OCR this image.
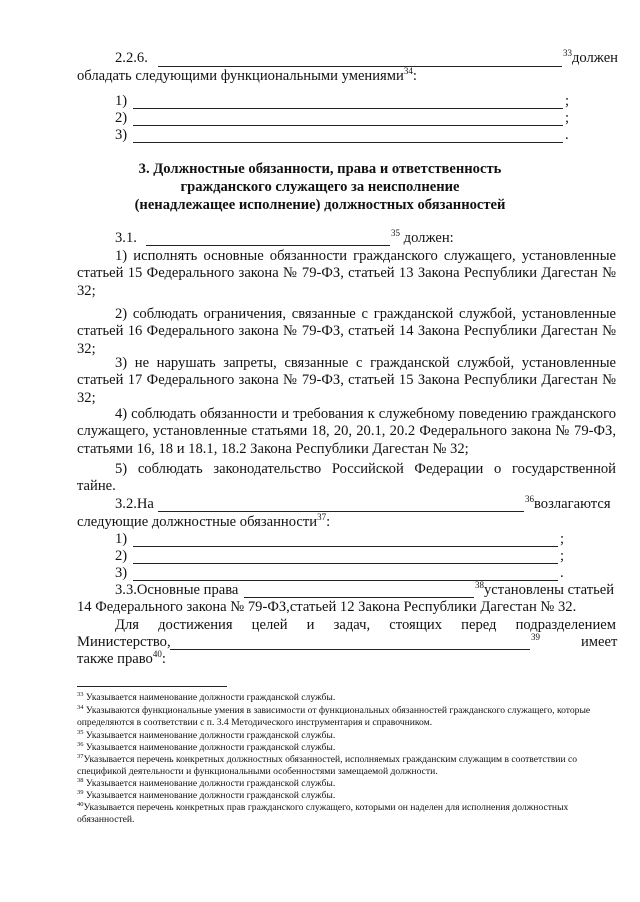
2.2.6.	$^{33}$должен
обладать следующими функциональными умениями$^{34}$:
1)	;
2)	;
3)	.
3. Должностные обязанности, права и ответственность
гражданского служащего за неисполнение
(ненадлежащее исполнение) должностных обязанностей
3.1.	$^{35}$ должен:
1) исполнять основные обязанности гражданского служащего, установленные статьей 15 Федерального закона № 79-ФЗ, статьей 13 Закона Республики Дагестан № 32;
2) соблюдать ограничения, связанные с гражданской службой, установленные статьей 16 Федерального закона № 79-ФЗ, статьей 14 Закона Республики Дагестан № 32;
3) не нарушать запреты, связанные с гражданской службой, установленные статьей 17 Федерального закона № 79-ФЗ, статьей 15 Закона Республики Дагестан № 32;
4) соблюдать обязанности и требования к служебному поведению гражданского служащего, установленные статьями 18, 20, 20.1, 20.2 Федерального закона № 79-ФЗ, статьями 16, 18 и 18.1, 18.2 Закона Республики Дагестан № 32;
5) соблюдать законодательство Российской Федерации о государственной тайне.
3.2.На	$^{36}$возлагаются
следующие должностные обязанности$^{37}$:
1)	;
2)	;
3)	.
3.3.Основные права	$^{38}$установлены статьей
14 Федерального закона № 79-ФЗ,статьей 12 Закона Республики Дагестан № 32.
Для достижения целей и задач, стоящих перед подразделением
Министерство,	$^{39}$	имеет
также право$^{40}$:
$^{33}$ Указывается наименование должности гражданской службы.
$^{34}$ Указываются функциональные умения в зависимости от функциональных обязанностей гражданского служащего, которые определяются в соответствии с п. 3.4 Методического инструментария и справочником.
$^{35}$ Указывается наименование должности гражданской службы.
$^{36}$ Указывается наименование должности гражданской службы.
$^{37}$Указывается перечень конкретных должностных обязанностей, исполняемых гражданским служащим в соответствии со спецификой деятельности и функциональными особенностями замещаемой должности.
$^{38}$ Указывается наименование должности гражданской службы.
$^{39}$ Указывается наименование должности гражданской службы.
$^{40}$Указывается перечень конкретных прав гражданского служащего, которыми он наделен для исполнения должностных обязанностей.
